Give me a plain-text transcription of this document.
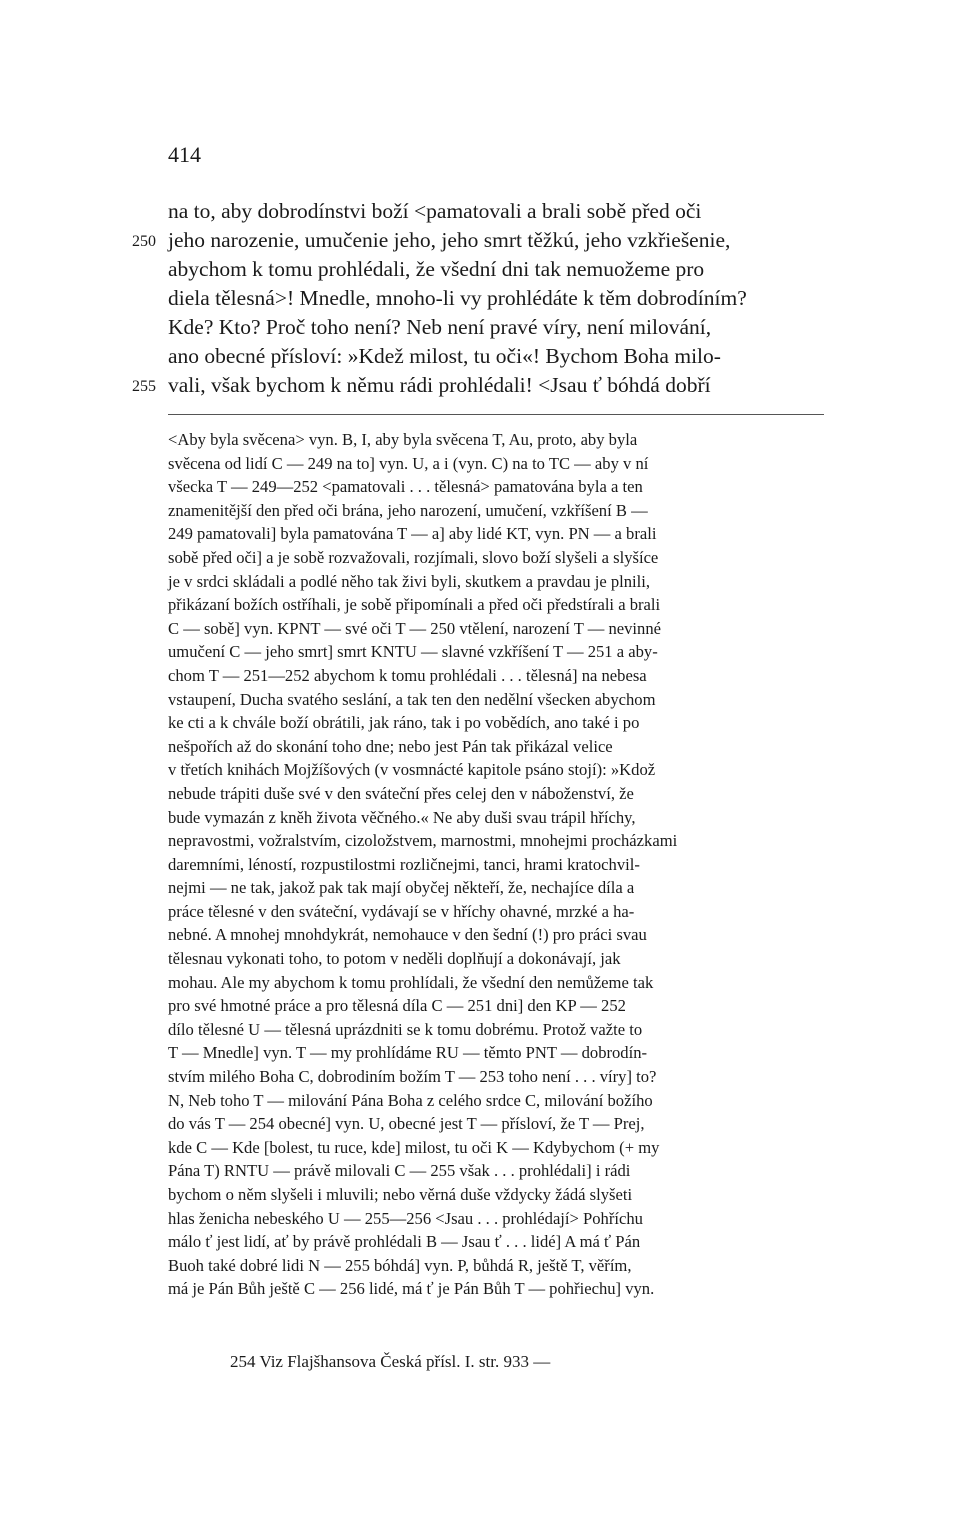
414
na to, aby dobrodínstvi boží <pamatovali a brali sobě před oči
250 jeho narozenie, umučenie jeho, jeho smrt těžkú, jeho vzkřiešenie,
abychom k tomu prohlédali, že všední dni tak nemuožeme pro
diela tělesná>! Mnedle, mnoho-li vy prohlédáte k těm dobrodíním?
Kde? Kto? Proč toho není? Neb není pravé víry, není milování,
ano obecné přísloví: »Kdež milost, tu oči«! Bychom Boha milo-
255 vali, však bychom k němu rádi prohlédali! <Jsau ť bóhdá dobří
<Aby byla svěcena> vyn. B, I, aby byla svěcena T, Au, proto, aby byla
svěcena od lidí C — 249 na to] vyn. U, a i (vyn. C) na to TC — aby v ní
všecka T — 249—252 <pamatovali . . . tělesná> pamatována byla a ten
znamenitější den před oči brána, jeho narození, umučení, vzkříšení B —
249 pamatovali] byla pamatována T — a] aby lidé KT, vyn. PN — a brali
sobě před oči] a je sobě rozvažovali, rozjímali, slovo boží slyšeli a slyšíce
je v srdci skládali a podlé něho tak živi byli, skutkem a pravdau je plnili,
přikázaní božích ostříhali, je sobě připomínali a před oči předstírali a brali
C — sobě] vyn. KPNT — své oči T — 250 vtělení, narození T — nevinné
umučení C — jeho smrt] smrt KNTU — slavné vzkříšení T — 251 a aby-
chom T — 251—252 abychom k tomu prohlédali . . . tělesná] na nebesa
vstaupení, Ducha svatého seslání, a tak ten den nedělní všecken abychom
ke cti a k chvále boží obrátili, jak ráno, tak i po vobědích, ano také i po
nešpořích až do skonání toho dne; nebo jest Pán tak přikázal velice
v třetích knihách Mojžíšových (v vosmnácté kapitole psáno stojí): »Kdož
nebude trápiti duše své v den sváteční přes celej den v náboženství, že
bude vymazán z kněh života věčného.« Ne aby duši svau trápil hříchy,
nepravostmi, vožralstvím, cizoložstvem, marnostmi, mnohejmi procházkami
daremními, léností, rozpustilostmi rozličnejmi, tanci, hrami kratochvil-
nejmi — ne tak, jakož pak tak mají obyčej někteří, že, nechajíce díla a
práce tělesné v den sváteční, vydávají se v hříchy ohavné, mrzké a ha-
nebné. A mnohej mnohdykrát, nemohauce v den šední (!) pro práci svau
tělesnau vykonati toho, to potom v neděli doplňují a dokonávají, jak
mohau. Ale my abychom k tomu prohlídali, že všední den nemůžeme tak
pro své hmotné práce a pro tělesná díla C — 251 dni] den KP — 252
dílo tělesné U — tělesná uprázdniti se k tomu dobrému. Protož važte to
T — Mnedle] vyn. T — my prohlídáme RU — těmto PNT — dobrodín-
stvím milého Boha C, dobrodiním božím T — 253 toho není . . . víry] to?
N, Neb toho T — milování Pána Boha z celého srdce C, milování božího
do vás T — 254 obecné] vyn. U, obecné jest T — přísloví, že T — Prej,
kde C — Kde [bolest, tu ruce, kde] milost, tu oči K — Kdybychom (+ my
Pána T) RNTU — právě milovali C — 255 však . . . prohlédali] i rádi
bychom o něm slyšeli i mluvili; nebo věrná duše vždycky žádá slyšeti
hlas ženicha nebeského U — 255—256 <Jsau . . . prohlédají> Pohříchu
málo ť jest lidí, ať by právě prohlédali B — Jsau ť . . . lidé] A má ť Pán
Buoh také dobré lidi N — 255 bóhdá] vyn. P, bůhdá R, ještě T, věřím,
má je Pán Bůh ještě C — 256 lidé, má ť je Pán Bůh T — pohřiechu] vyn.
254 Viz Flajšhansova Česká přísl. I. str. 933 —
